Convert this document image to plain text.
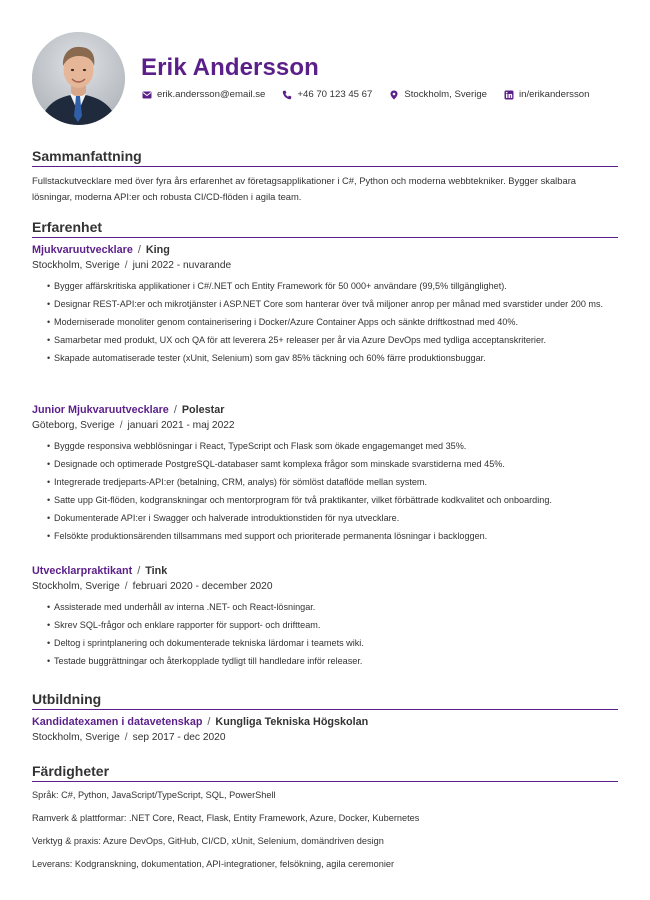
Erik Andersson
erik.andersson@email.se	+46 70 123 45 67	Stockholm, Sverige	in/erikandersson
Sammanfattning
Fullstackutvecklare med över fyra års erfarenhet av företagsapplikationer i C#, Python och moderna webbtekniker. Bygger skalbara lösningar, moderna API:er och robusta CI/CD-flöden i agila team.
Erfarenhet
Mjukvaruutvecklare / King
Stockholm, Sverige / juni 2022 - nuvarande
• Bygger affärskritiska applikationer i C#/.NET och Entity Framework för 50 000+ användare (99,5% tillgänglighet).
• Designar REST-API:er och mikrotjänster i ASP.NET Core som hanterar över två miljoner anrop per månad med svarstider under 200 ms.
• Moderniserade monoliter genom containerisering i Docker/Azure Container Apps och sänkte driftkostnad med 40%.
• Samarbetar med produkt, UX och QA för att leverera 25+ releaser per år via Azure DevOps med tydliga acceptanskriterier.
• Skapade automatiserade tester (xUnit, Selenium) som gav 85% täckning och 60% färre produktionsbuggar.
Junior Mjukvaruutvecklare / Polestar
Göteborg, Sverige / januari 2021 - maj 2022
• Byggde responsiva webblösningar i React, TypeScript och Flask som ökade engagemanget med 35%.
• Designade och optimerade PostgreSQL-databaser samt komplexa frågor som minskade svarstiderna med 45%.
• Integrerade tredjeparts-API:er (betalning, CRM, analys) för sömlöst dataflöde mellan system.
• Satte upp Git-flöden, kodgranskningar och mentorprogram för två praktikanter, vilket förbättrade kodkvalitet och onboarding.
• Dokumenterade API:er i Swagger och halverade introduktionstiden för nya utvecklare.
• Felsökte produktionsärenden tillsammans med support och prioriterade permanenta lösningar i backloggen.
Utvecklarpraktikant / Tink
Stockholm, Sverige / februari 2020 - december 2020
• Assisterade med underhåll av interna .NET- och React-lösningar.
• Skrev SQL-frågor och enklare rapporter för support- och driftteam.
• Deltog i sprintplanering och dokumenterade tekniska lärdomar i teamets wiki.
• Testade buggrättningar och återkopplade tydligt till handledare inför releaser.
Utbildning
Kandidatexamen i datavetenskap / Kungliga Tekniska Högskolan
Stockholm, Sverige / sep 2017 - dec 2020
Färdigheter
Språk: C#, Python, JavaScript/TypeScript, SQL, PowerShell
Ramverk & plattformar: .NET Core, React, Flask, Entity Framework, Azure, Docker, Kubernetes
Verktyg & praxis: Azure DevOps, GitHub, CI/CD, xUnit, Selenium, domändriven design
Leverans: Kodgranskning, dokumentation, API-integrationer, felsökning, agila ceremonier
